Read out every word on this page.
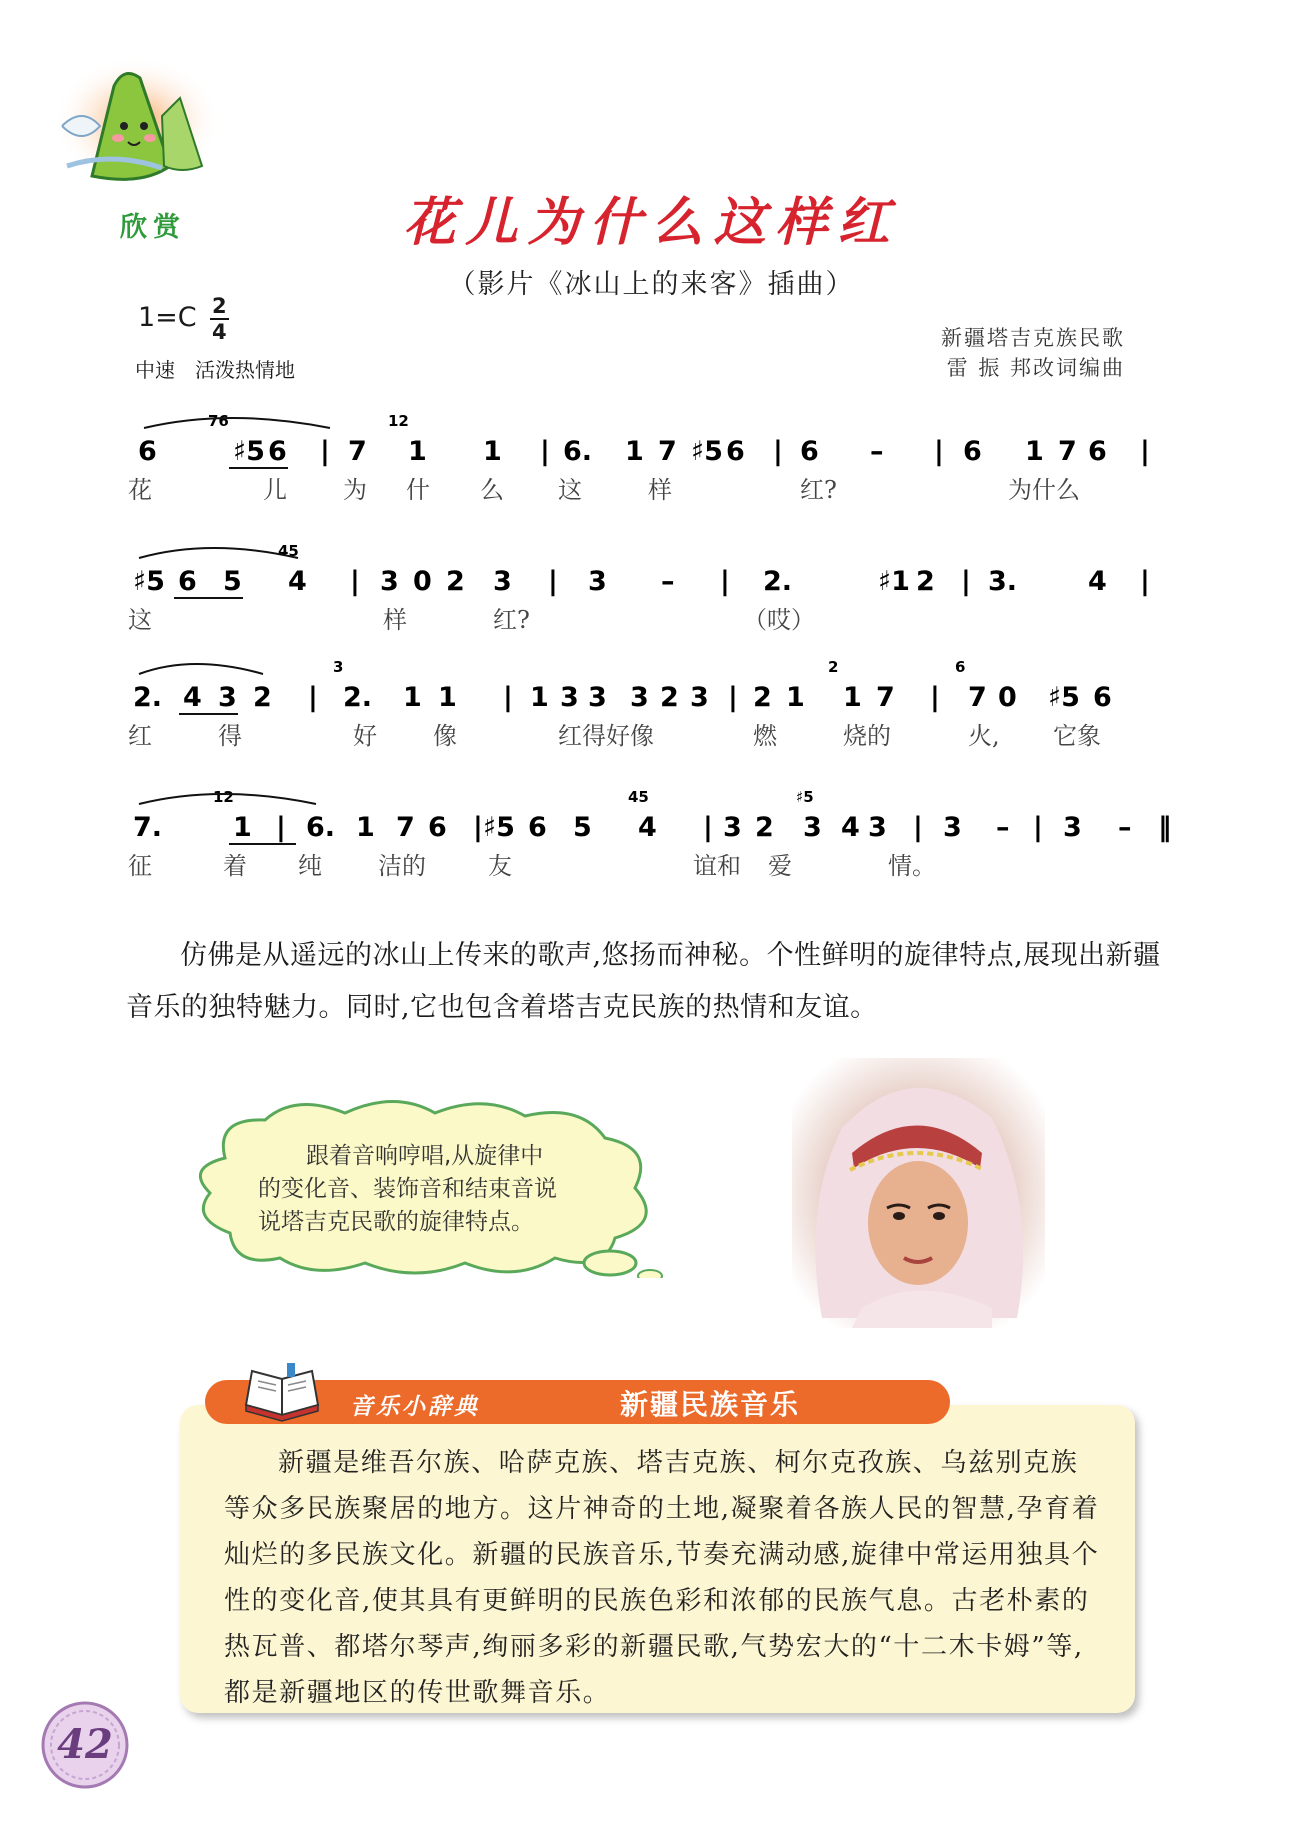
欣赏	花儿为什么这样红
（影片《冰山上的来客》插曲）
1=C 2
4
中速　活泼热情地
新疆塔吉克族民歌
雷 振 邦改词编曲
6	♯5 6 | 7 1 1 | 6. 1 7 ♯5 6 | 6 – | 6 1 7 6 |
76	12
花	儿 为 什 么 这	样	红?	为什么
♯5 6 5 4 | 3 0 2 3 | 3 – | 2.	♯1 2 | 3.	4 |
45
这	样	红?	（哎）
2. 4 3 2 | 2. 1 1 | 1 3 3 3 2 3 | 2 1 1 7 | 7 0 ♯5 6
3	2	6
红	得	好 像	红得好像	燃	烧的	火, 它象
7.	1 | 6. 1 7 6 | ♯5 6 5 4 | 3 2 3 4 3 | 3 – | 3 – ‖
12	45	♯5
征	着 纯 洁的	友	谊和 爱	情。
仿佛是从遥远的冰山上传来的歌声,悠扬而神秘。个性鲜明的旋律特点,展现出新疆音乐的独特魅力。同时,它也包含着塔吉克民族的热情和友谊。
跟着音响哼唱,从旋律中
的变化音、装饰音和结束音说
说塔吉克民歌的旋律特点。
音乐小辞典	新疆民族音乐
新疆是维吾尔族、哈萨克族、塔吉克族、柯尔克孜族、乌兹别克族等众多民族聚居的地方。这片神奇的土地,凝聚着各族人民的智慧,孕育着灿烂的多民族文化。新疆的民族音乐,节奏充满动感,旋律中常运用独具个性的变化音,使其具有更鲜明的民族色彩和浓郁的民族气息。古老朴素的热瓦普、都塔尔琴声,绚丽多彩的新疆民歌,气势宏大的“十二木卡姆”等,都是新疆地区的传世歌舞音乐。
42
